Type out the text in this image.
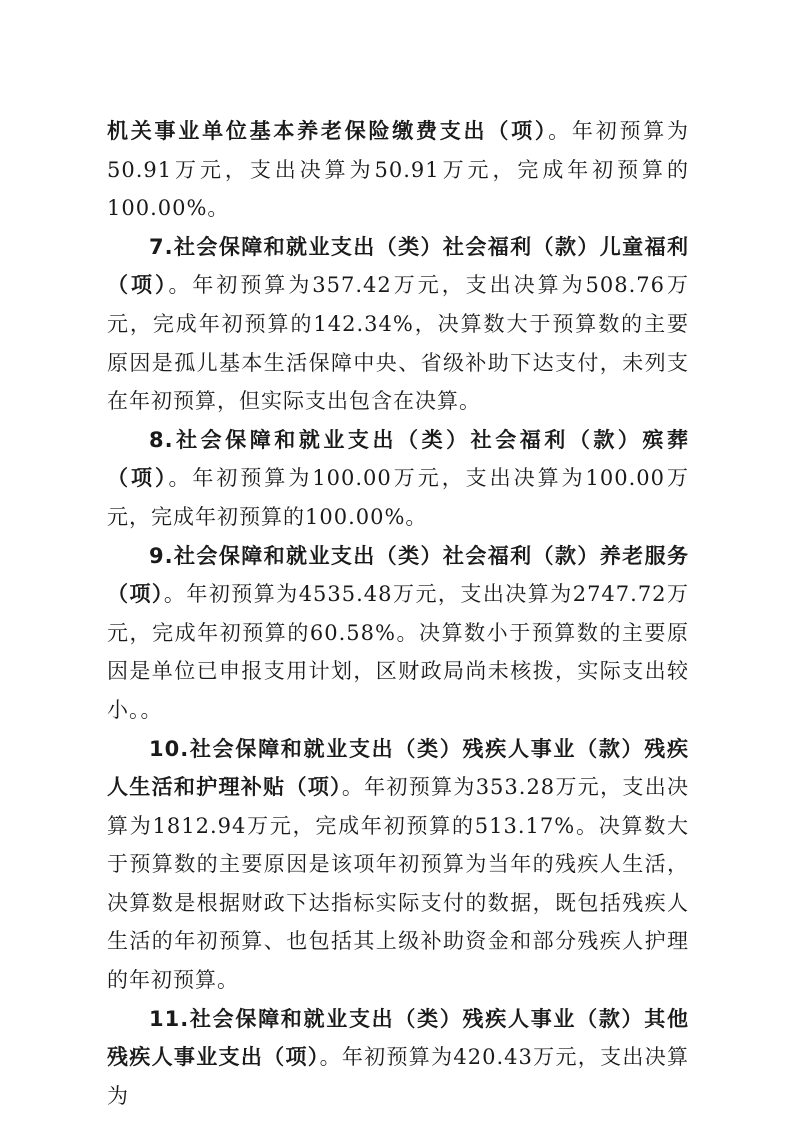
机关事业单位基本养老保险缴费支出（项）。年初预算为50.91万元，支出决算为50.91万元，完成年初预算的100.00%。

7.社会保障和就业支出（类）社会福利（款）儿童福利（项）。年初预算为357.42万元，支出决算为508.76万元，完成年初预算的142.34%，决算数大于预算数的主要原因是孤儿基本生活保障中央、省级补助下达支付，未列支在年初预算，但实际支出包含在决算。

8.社会保障和就业支出（类）社会福利（款）殡葬（项）。年初预算为100.00万元，支出决算为100.00万元，完成年初预算的100.00%。

9.社会保障和就业支出（类）社会福利（款）养老服务（项）。年初预算为4535.48万元，支出决算为2747.72万元，完成年初预算的60.58%。决算数小于预算数的主要原因是单位已申报支用计划，区财政局尚未核拨，实际支出较小。。

10.社会保障和就业支出（类）残疾人事业（款）残疾人生活和护理补贴（项）。年初预算为353.28万元，支出决算为1812.94万元，完成年初预算的513.17%。决算数大于预算数的主要原因是该项年初预算为当年的残疾人生活，决算数是根据财政下达指标实际支付的数据，既包括残疾人生活的年初预算、也包括其上级补助资金和部分残疾人护理的年初预算。

11.社会保障和就业支出（类）残疾人事业（款）其他残疾人事业支出（项）。年初预算为420.43万元，支出决算为
